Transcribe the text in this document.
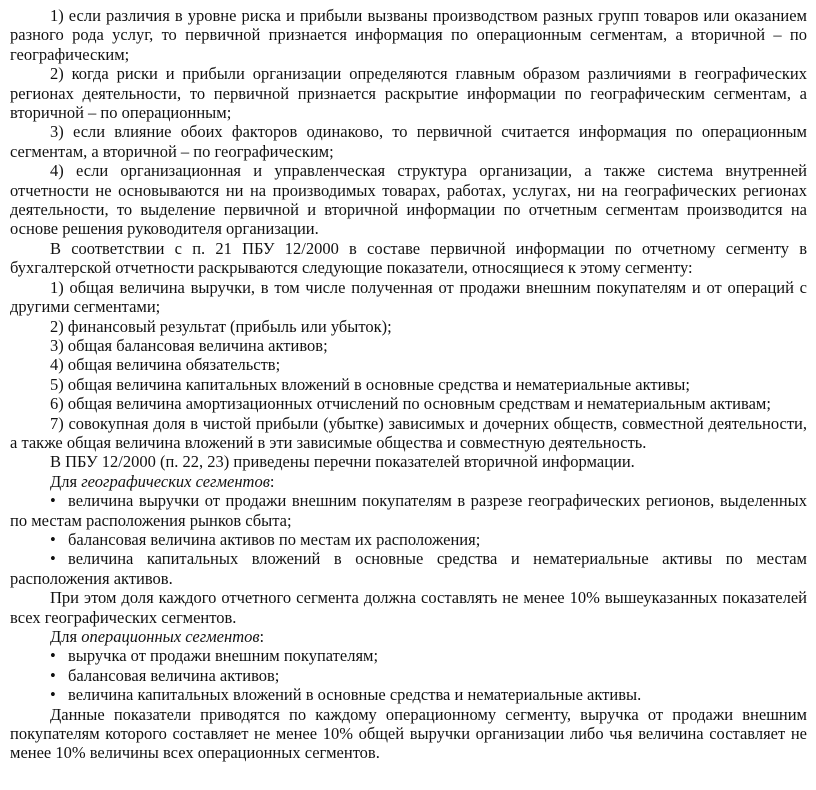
1) если различия в уровне риска и прибыли вызваны производством разных групп товаров или оказанием разного рода услуг, то первичной признается информация по операционным сегментам, а вторичной – по географическим;

2) когда риски и прибыли организации определяются главным образом различиями в географических регионах деятельности, то первичной признается раскрытие информации по географическим сегментам, а вторичной – по операционным;

3) если влияние обоих факторов одинаково, то первичной считается информация по операционным сегментам, а вторичной – по географическим;

4) если организационная и управленческая структура организации, а также система внутренней отчетности не основываются ни на производимых товарах, работах, услугах, ни на географических регионах деятельности, то выделение первичной и вторичной информации по отчетным сегментам производится на основе решения руководителя организации.

В соответствии с п. 21 ПБУ 12/2000 в составе первичной информации по отчетному сегменту в бухгалтерской отчетности раскрываются следующие показатели, относящиеся к этому сегменту:

1) общая величина выручки, в том числе полученная от продажи внешним покупателям и от операций с другими сегментами;

2) финансовый результат (прибыль или убыток);

3) общая балансовая величина активов;

4) общая величина обязательств;

5) общая величина капитальных вложений в основные средства и нематериальные активы;

6) общая величина амортизационных отчислений по основным средствам и нематериальным активам;

7) совокупная доля в чистой прибыли (убытке) зависимых и дочерних обществ, совместной деятельности, а также общая величина вложений в эти зависимые общества и совместную деятельность.

В ПБУ 12/2000 (п. 22, 23) приведены перечни показателей вторичной информации.

Для географических сегментов:

• величина выручки от продажи внешним покупателям в разрезе географических регионов, выделенных по местам расположения рынков сбыта;

• балансовая величина активов по местам их расположения;

• величина капитальных вложений в основные средства и нематериальные активы по местам расположения активов.

При этом доля каждого отчетного сегмента должна составлять не менее 10% вышеуказанных показателей всех географических сегментов.

Для операционных сегментов:

• выручка от продажи внешним покупателям;

• балансовая величина активов;

• величина капитальных вложений в основные средства и нематериальные активы.

Данные показатели приводятся по каждому операционному сегменту, выручка от продажи внешним покупателям которого составляет не менее 10% общей выручки организации либо чья величина составляет не менее 10% величины всех операционных сегментов.
